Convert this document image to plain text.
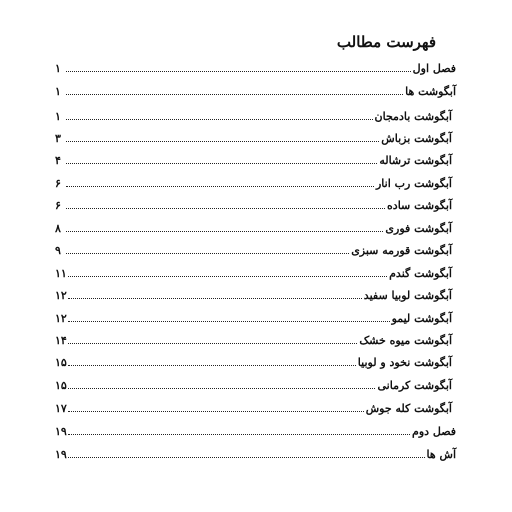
فهرست مطالب
فصل اول
۱
آبگوشت ها
۱
آبگوشت بادمجان
۱
آبگوشت بزباش
۳
آبگوشت ترشاله
۴
آبگوشت رب انار
۶
آبگوشت ساده
۶
آبگوشت فوری
۸
آبگوشت قورمه سبزی
۹
آبگوشت گندم
۱۱
آبگوشت لوبیا سفید
۱۲
آبگوشت لیمو
۱۲
آبگوشت میوه خشک
۱۴
آبگوشت نخود و لوبیا
۱۵
آبگوشت کرمانی
۱۵
آبگوشت کله جوش
۱۷
فصل دوم
۱۹
آش ها
۱۹
